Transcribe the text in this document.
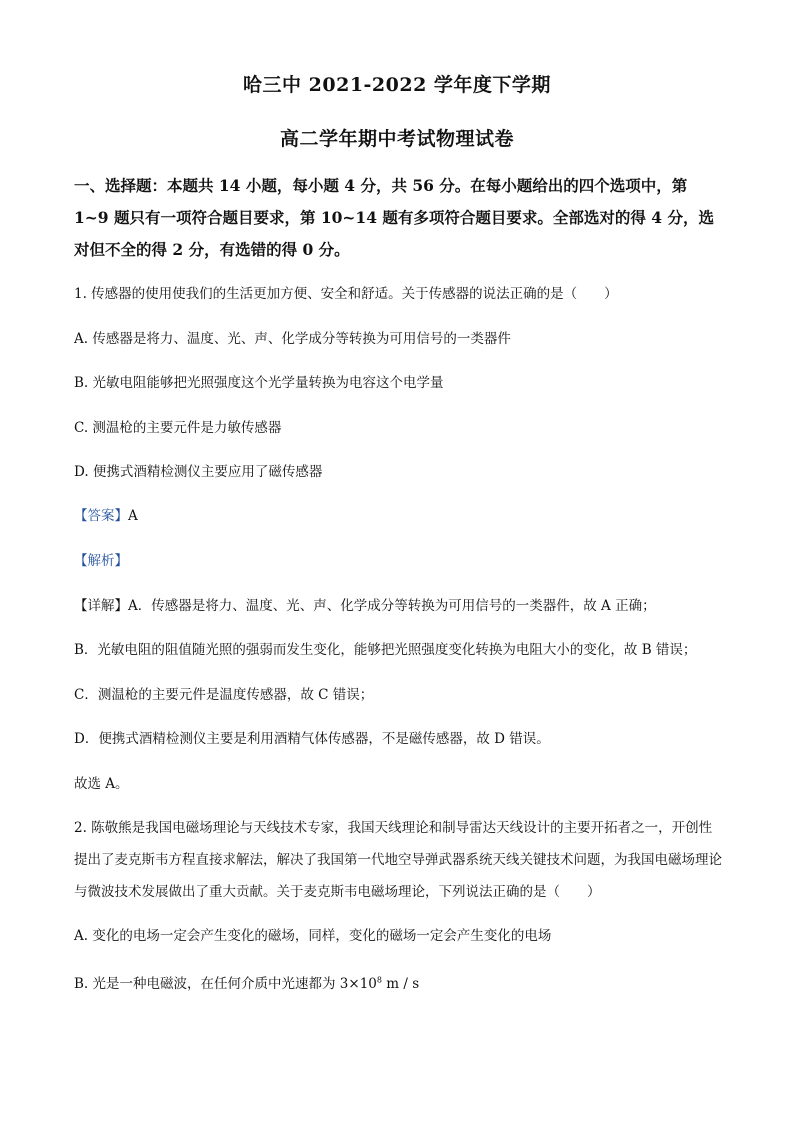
哈三中 2021-2022 学年度下学期
高二学年期中考试物理试卷
一、选择题：本题共 14 小题，每小题 4 分，共 56 分。在每小题给出的四个选项中，第 1~9 题只有一项符合题目要求，第 10~14 题有多项符合题目要求。全部选对的得 4 分，选对但不全的得 2 分，有选错的得 0 分。
1. 传感器的使用使我们的生活更加方便、安全和舒适。关于传感器的说法正确的是（　　）
A. 传感器是将力、温度、光、声、化学成分等转换为可用信号的一类器件
B. 光敏电阻能够把光照强度这个光学量转换为电容这个电学量
C. 测温枪的主要元件是力敏传感器
D. 便携式酒精检测仪主要应用了磁传感器
【答案】A
【解析】
【详解】A．传感器是将力、温度、光、声、化学成分等转换为可用信号的一类器件，故 A 正确；
B．光敏电阻的阻值随光照的强弱而发生变化，能够把光照强度变化转换为电阻大小的变化，故 B 错误；
C．测温枪的主要元件是温度传感器，故 C 错误；
D．便携式酒精检测仪主要是利用酒精气体传感器，不是磁传感器，故 D 错误。
故选 A。
2. 陈敬熊是我国电磁场理论与天线技术专家，我国天线理论和制导雷达天线设计的主要开拓者之一，开创性提出了麦克斯韦方程直接求解法，解决了我国第一代地空导弹武器系统天线关键技术问题，为我国电磁场理论与微波技术发展做出了重大贡献。关于麦克斯韦电磁场理论，下列说法正确的是（　　）
A. 变化的电场一定会产生变化的磁场，同样，变化的磁场一定会产生变化的电场
B. 光是一种电磁波，在任何介质中光速都为 $3\times 10^8$ m / s
